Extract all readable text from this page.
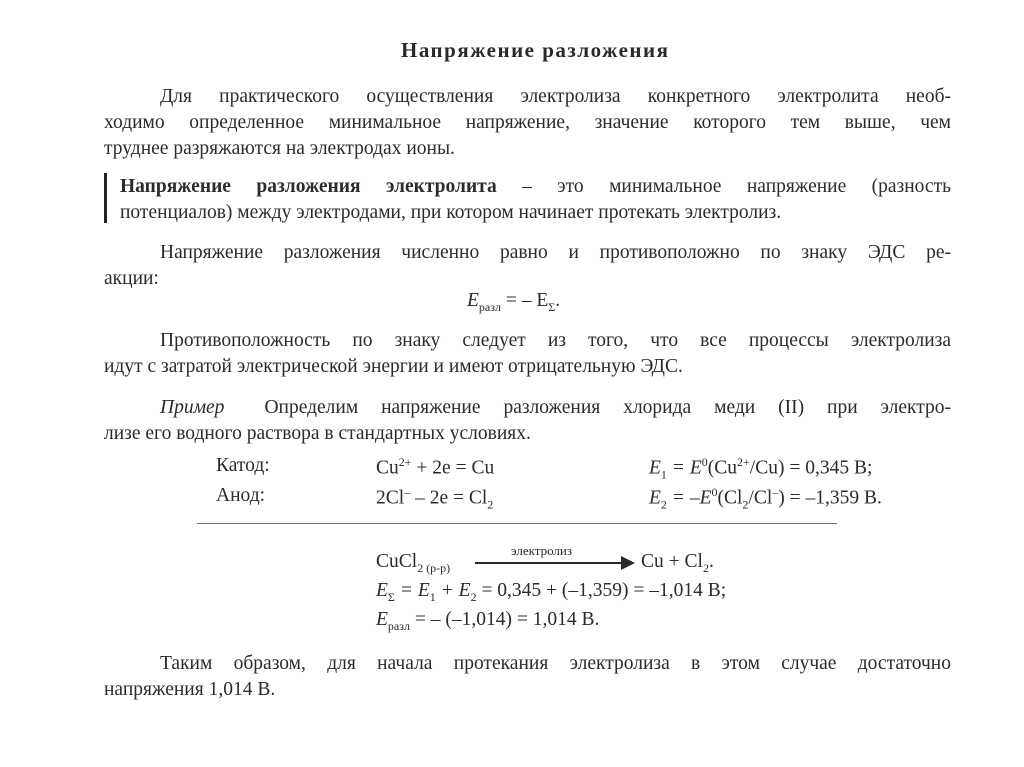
Напряжение разложения
Для практического осуществления электролиза конкретного электролита необ-
ходимо определенное минимальное напряжение, значение которого тем выше, чем
труднее разряжаются на электродах ионы.
Напряжение разложения электролита – это минимальное напряжение (разность
потенциалов) между электродами, при котором начинает протекать электролиз.
Напряжение разложения численно равно и противоположно по знаку ЭДС ре-
акции:
$E_{разл}$ = – $E_\Sigma$.
Противоположность по знаку следует из того, что все процессы электролиза
идут с затратой электрической энергии и имеют отрицательную ЭДС.
Пример Определим напряжение разложения хлорида меди (II) при электро-
лизе его водного раствора в стандартных условиях.
Катод:	$Cu^{2+} + 2e = Cu$	$E_1 = E^0(Cu^{2+}/Cu) = 0,345$ В;
Анод:	$2Cl^- - 2e = Cl_2$	$E_2 = -E^0(Cl_2/Cl^-) = -1,359$ В.
CuCl$_{2 (р-р)}$
электролиз
$Cu + Cl_2$.
$E_\Sigma = E_1 + E_2 = 0,345 + (-1,359) = -1,014$ В;
$E_{разл}$ = – (–1,014) = 1,014 В.
Таким образом, для начала протекания электролиза в этом случае достаточно
напряжения 1,014 В.
